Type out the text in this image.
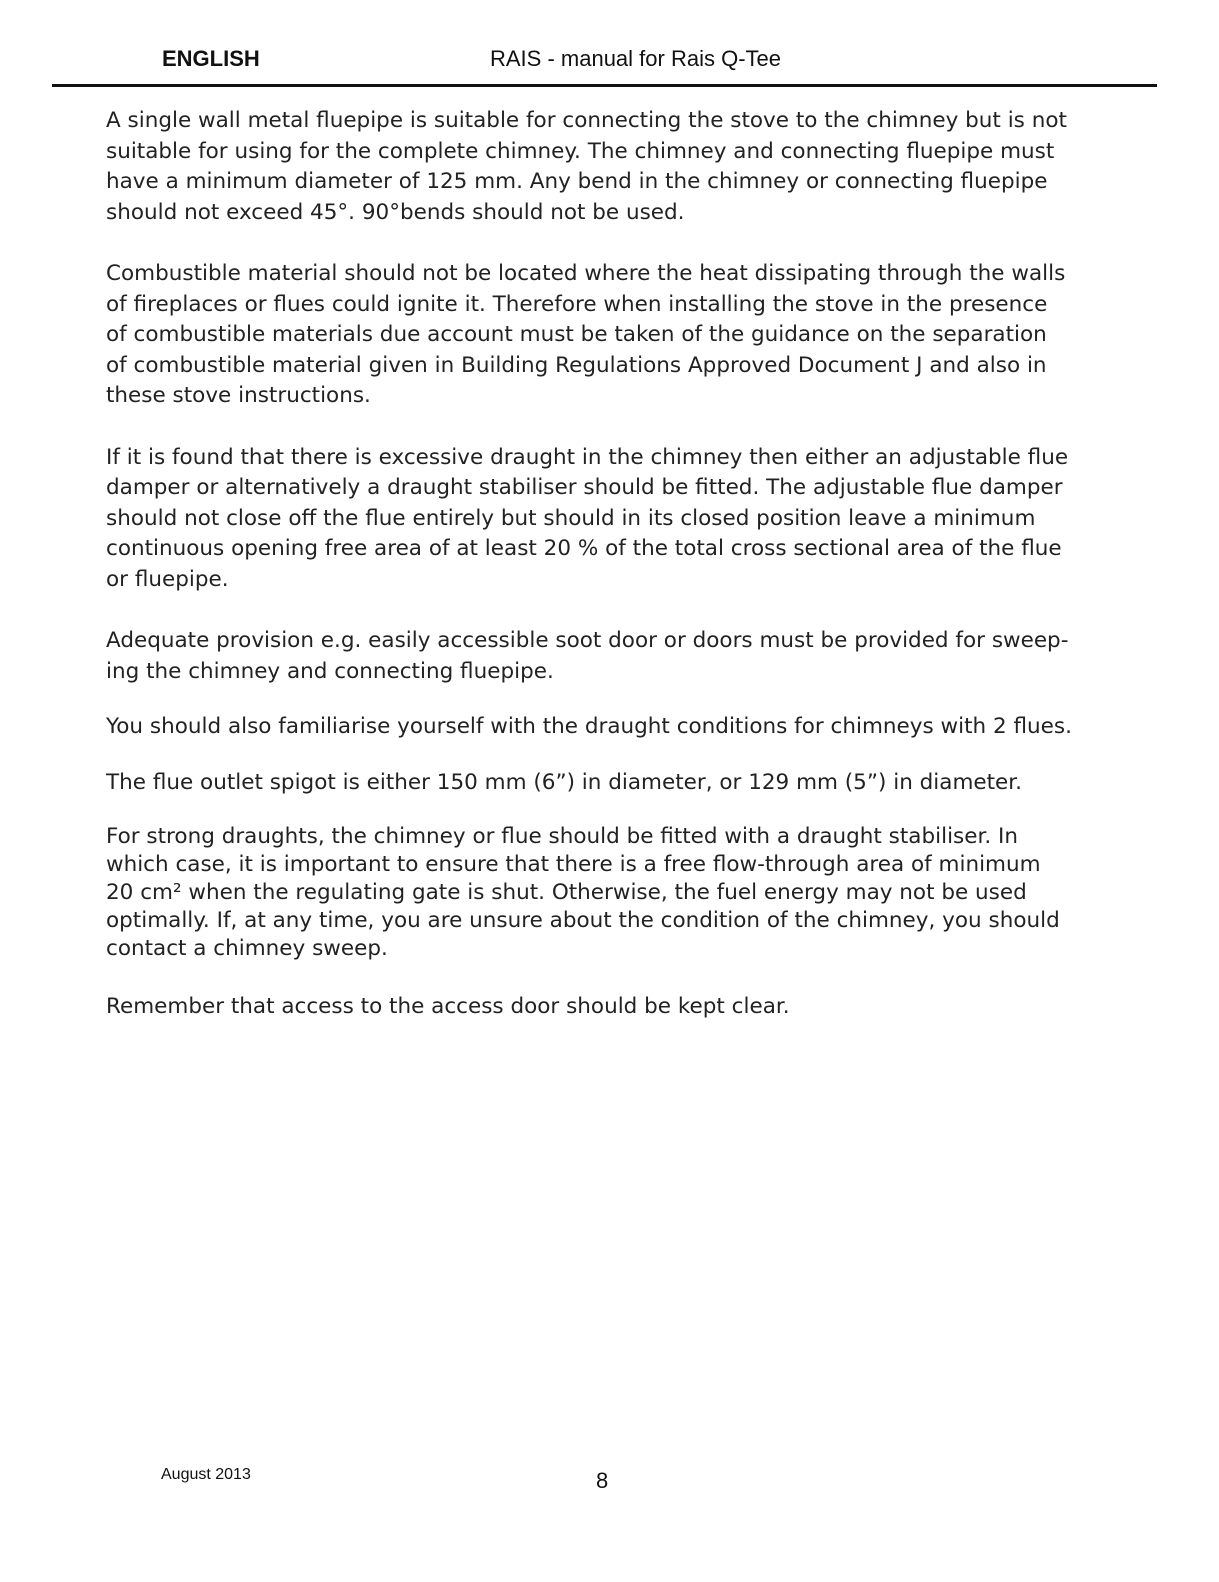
ENGLISH	RAIS - manual for Rais Q-Tee

A single wall metal fluepipe is suitable for connecting the stove to the chimney but is not

suitable for using for the complete chimney. The chimney and connecting fluepipe must

have a minimum diameter of 125 mm. Any bend in the chimney or connecting fluepipe

should not exceed 45°. 90°bends should not be used.

Combustible material should not be located where the heat dissipating through the walls

of fireplaces or flues could ignite it. Therefore when installing the stove in the presence

of combustible materials due account must be taken of the guidance on the separation

of combustible material given in Building Regulations Approved Document J and also in

these stove instructions.

If it is found that there is excessive draught in the chimney then either an adjustable flue

damper or alternatively a draught stabiliser should be fitted. The adjustable flue damper

should not close off the flue entirely but should in its closed position leave a minimum

continuous opening free area of at least 20 % of the total cross sectional area of the flue

or fluepipe.

Adequate provision e.g. easily accessible soot door or doors must be provided for sweep-

ing the chimney and connecting fluepipe.

You should also familiarise yourself with the draught conditions for chimneys with 2 flues.

The flue outlet spigot is either 150 mm (6”) in diameter, or 129 mm (5”) in diameter.

For strong draughts, the chimney or flue should be fitted with a draught stabiliser. In

which case, it is important to ensure that there is a free flow-through area of minimum

20 cm² when the regulating gate is shut. Otherwise, the fuel energy may not be used

optimally. If, at any time, you are unsure about the condition of the chimney, you should

contact a chimney sweep.

Remember that access to the access door should be kept clear.

August 2013	8
